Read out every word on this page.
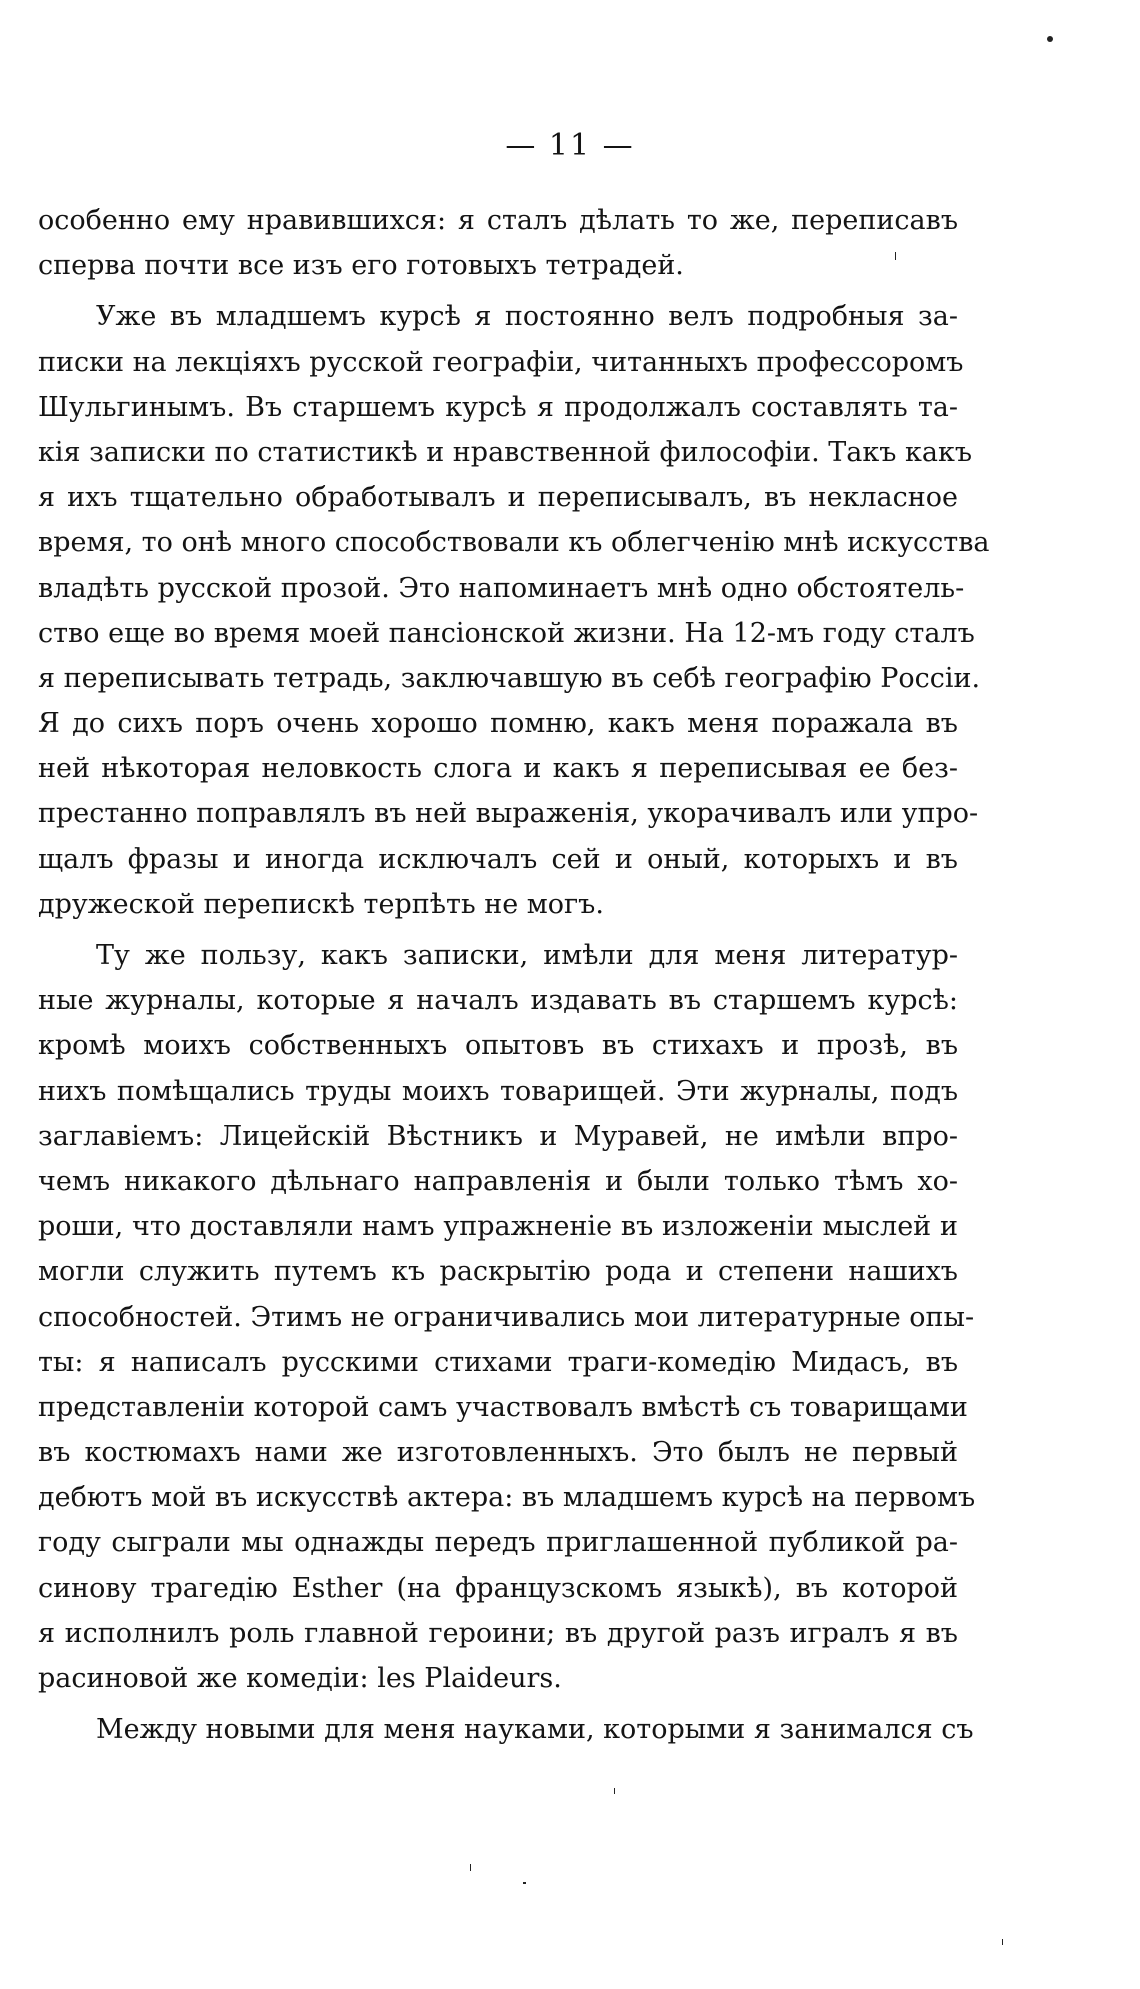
— 11 —
особенно ему нравившихся: я сталъ дѣлать то же, переписавъ
сперва почти все изъ его готовыхъ тетрадей.
Уже въ младшемъ курсѣ я постоянно велъ подробныя за-
писки на лекціяхъ русской географіи, читанныхъ профессоромъ
Шульгинымъ. Въ старшемъ курсѣ я продолжалъ составлять та-
кія записки по статистикѣ и нравственной философіи. Такъ какъ
я ихъ тщательно обработывалъ и переписывалъ, въ некласное
время, то онѣ много способствовали къ облегченію мнѣ искусства
владѣть русской прозой. Это напоминаетъ мнѣ одно обстоятель-
ство еще во время моей пансіонской жизни. На 12-мъ году сталъ
я переписывать тетрадь, заключавшую въ себѣ географію Россіи.
Я до сихъ поръ очень хорошо помню, какъ меня поражала въ
ней нѣкоторая неловкость слога и какъ я переписывая ее без-
престанно поправлялъ въ ней выраженія, укорачивалъ или упро-
щалъ фразы и иногда исключалъ сей и оный, которыхъ и въ
дружеской перепискѣ терпѣть не могъ.
Ту же пользу, какъ записки, имѣли для меня литератур-
ные журналы, которые я началъ издавать въ старшемъ курсѣ:
кромѣ моихъ собственныхъ опытовъ въ стихахъ и прозѣ, въ
нихъ помѣщались труды моихъ товарищей. Эти журналы, подъ
заглавіемъ: Лицейскій Вѣстникъ и Муравей, не имѣли впро-
чемъ никакого дѣльнаго направленія и были только тѣмъ хо-
роши, что доставляли намъ упражненіе въ изложеніи мыслей и
могли служить путемъ къ раскрытію рода и степени нашихъ
способностей. Этимъ не ограничивались мои литературные опы-
ты: я написалъ русскими стихами траги-комедію Мидасъ, въ
представленіи которой самъ участвовалъ вмѣстѣ съ товарищами
въ костюмахъ нами же изготовленныхъ. Это былъ не первый
дебютъ мой въ искусствѣ актера: въ младшемъ курсѣ на первомъ
году сыграли мы однажды передъ приглашенной публикой ра-
синову трагедію Esther (на французскомъ языкѣ), въ которой
я исполнилъ роль главной героини; въ другой разъ игралъ я въ
расиновой же комедіи: les Plaideurs.
Между новыми для меня науками, которыми я занимался съ
